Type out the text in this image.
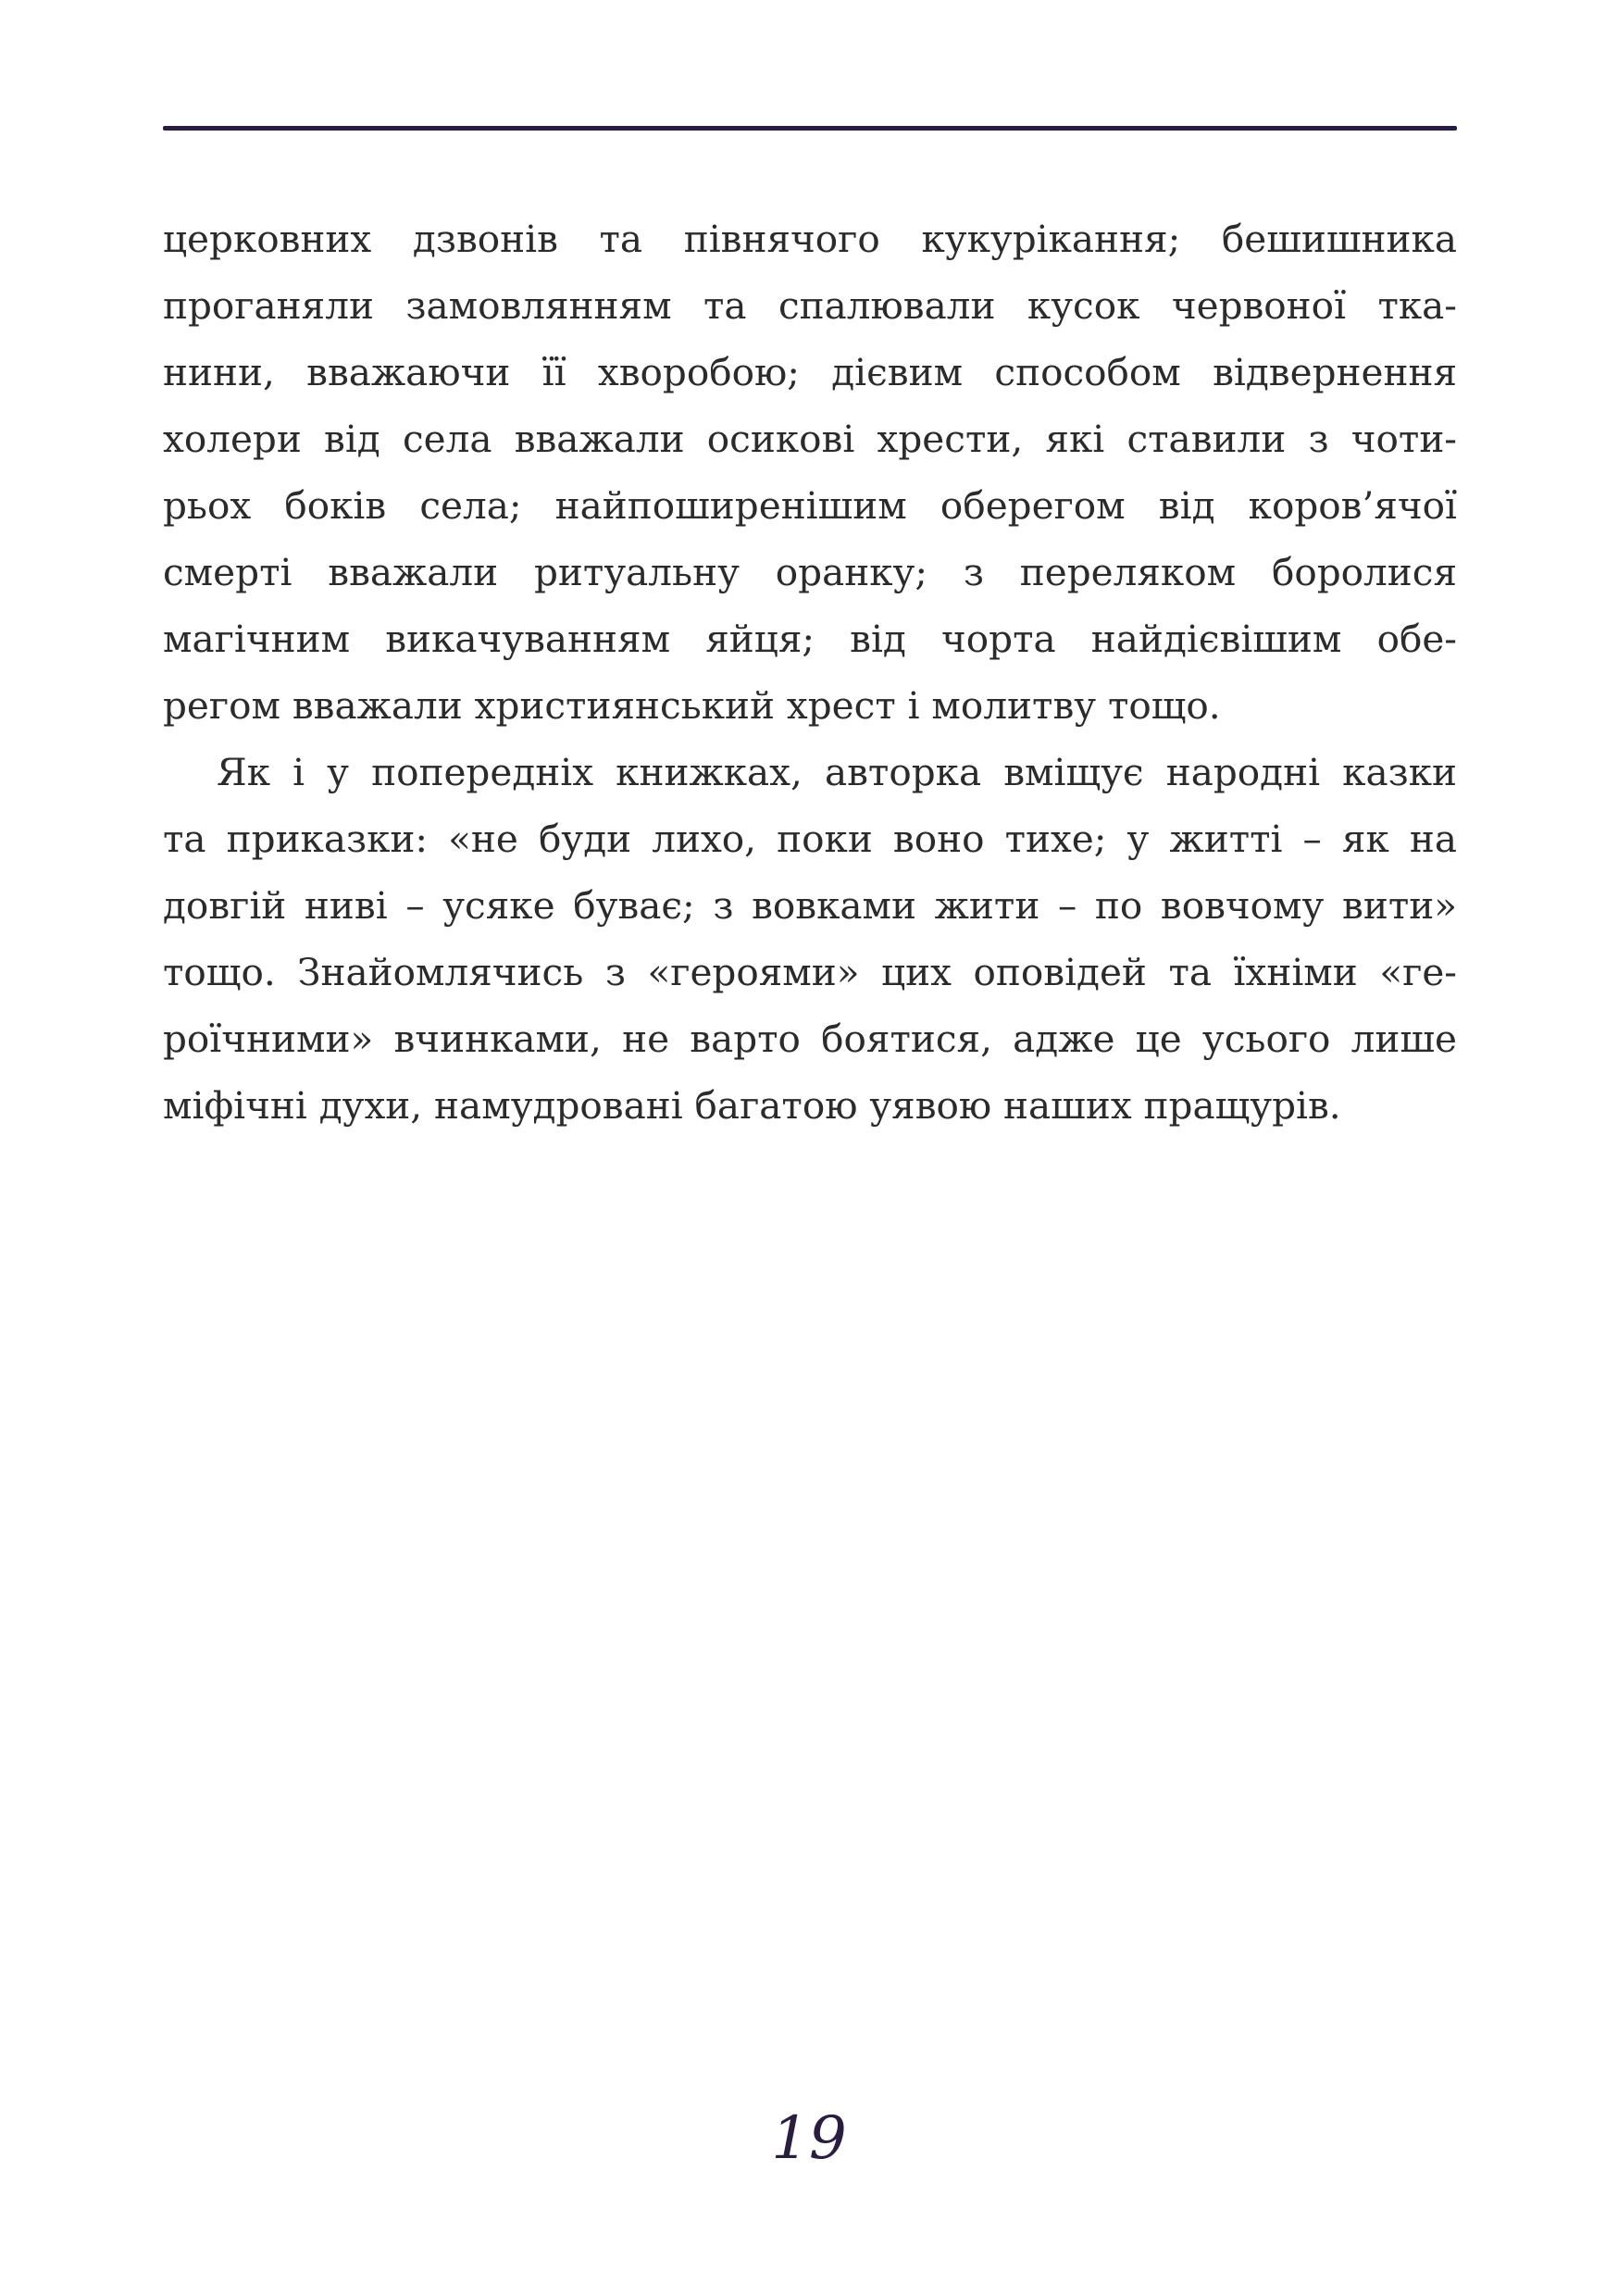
церковних дзвонів та півнячого кукурікання; бешишника
проганяли замовлянням та спалювали кусок червоної тка-
нини, вважаючи її хворобою; дієвим способом відвернення
холери від села вважали осикові хрести, які ставили з чоти-
рьох боків села; найпоширенішим оберегом від коров’ячої
смерті вважали ритуальну оранку; з переляком боролися
магічним викачуванням яйця; від чорта найдієвішим обе-
регом вважали християнський хрест і молитву тощо.
Як і у попередніх книжках, авторка вміщує народні казки
та приказки: «не буди лихо, поки воно тихе; у житті – як на
довгій ниві – усяке буває; з вовками жити – по вовчому вити»
тощо. Знайомлячись з «героями» цих оповідей та їхніми «ге-
роїчними» вчинками, не варто боятися, адже це усього лише
міфічні духи, намудровані багатою уявою наших пращурів.
19
